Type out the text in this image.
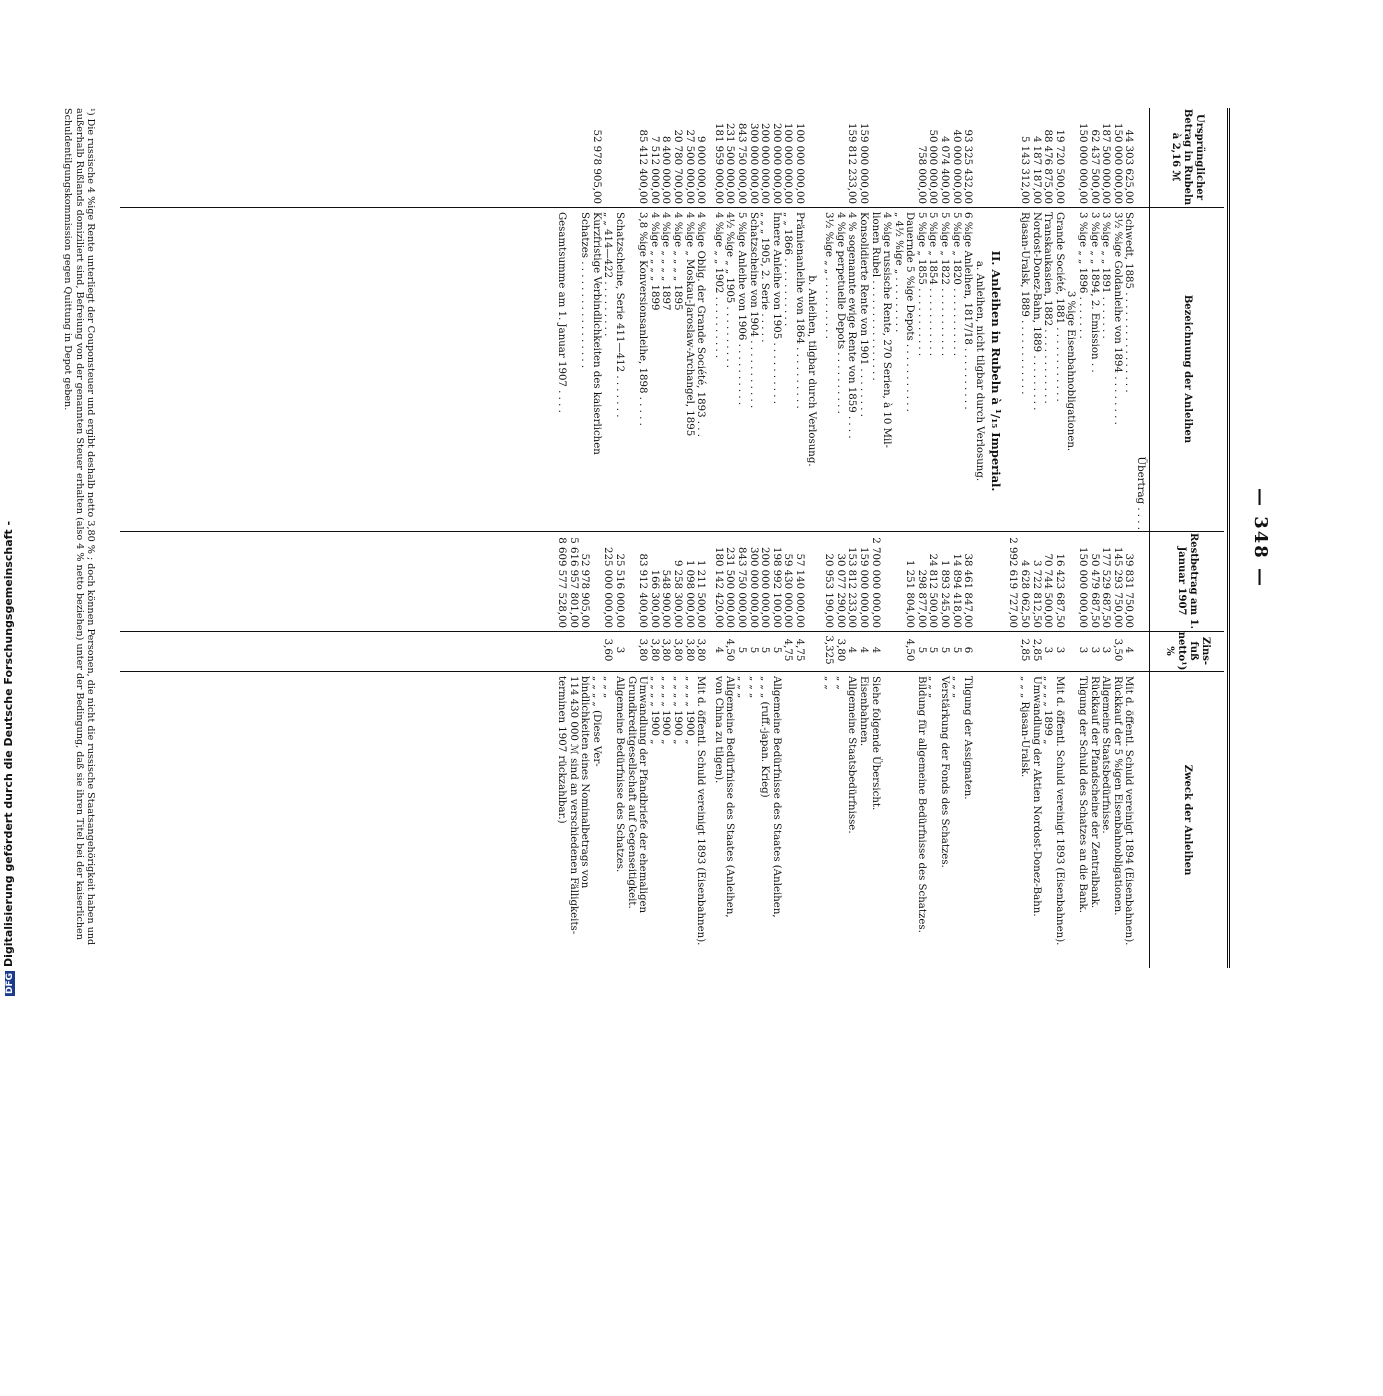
— 348 —
Ursprünglicher Betrag in Rubeln à 2,16 ℳ
Bezeichnung der Anleihen
Restbetrag am 1. Januar 1907
Zins-fuß netto¹) %
Zweck der Anleihen
Übertrag . . . .
44 303 625,00
Schwedt, 1885 . . . . . . . . . . . . . . . .
39 831 750,00
4
Mit d. öffentl. Schuld vereinigt 1894 (Eisenbahnen).
150 000 000,00
3½ %ige Goldanleihe von 1894 . . . . . . . .
145 293 750,00
3,50
Rückkauf der 5 %igen Eisenbahnobligationen.
187 500 000,00
3 %ige „ „ 1891 . . . . . . .
177 529 687,50
3
Allgemeine Staatsbedürfnisse.
62 437 500,00
3 %ige „ „ 1894, 2. Emission . .
50 479 687,50
3
Rückkauf der Pfandscheine der Zentralbank.
150 000 000,00
3 %ige „ „ 1896 . . . . . . .
150 000 000,00
3
Tilgung der Schuld des Schatzes an die Bank.
3 %ige Eisenbahnobligationen.
19 720 500,00
Grande Société, 1881 . . . . . . . . . . . .
16 423 687,50
3
Mit d. öffentl. Schuld vereinigt 1893 (Eisenbahnen).
88 476 875,00
Transkaukasien, 1882 . . . . . . . . . . . .
70 744 500,00
3
„ „ „ „ 1899 „
4 187 187,00
Nordost-Donez-Bahn, 1889 . . . . . . . . .
3 722 812,50
2,85
Umwandlung der Aktien Nordost-Donez-Bahn.
5 143 312,00
Rjasan-Uralsk, 1889 . . . . . . . . . . . .
4 628 062,50
2,85
„ „ „ Rjasan-Uralsk.
2 992 619 727,00
II. Anleihen in Rubeln à ¹/₁₅ Imperial.
a. Anleihen, nicht tilgbar durch Verlosung.
93 325 432,00
6 %ige Anleihen, 1817/18 . . . . . . . . . .
38 461 847,00
6
Tilgung der Assignaten.
40 000 000,00
5 %ige „ 1820 . . . . . . . . . . .
14 894 418,00
5
„ „ „
4 074 400,00
5 %ige „ 1822 . . . . . . . . . . .
1 893 245,00
5
Verstärkung der Fonds des Schatzes.
50 000 000,00
5 %ige „ 1854 . . . . . . . . . . .
24 812 500,00
5
„ „ „
758 000,00
5 %ige „ 1855 . . . . . . . . . . .
298 877,00
5
Bildung für allgemeine Bedürfnisse des Schatzes.
Dauernde 5 %ige Depots . . . . . . . . . . .
1 251 804,00
4,50
„ 4½ %ige „ . . . . . . . . .
4 %ige russische Rente, 270 Serien, à 10 Mil-
lionen Rubel . . . . . . . . . . . . . . . .
2 700 000 000,00
4
Siehe folgende Übersicht.
159 000 000,00
Konsolidierte Rente von 1901 . . . . . . . .
159 000 000,00
4
Eisenbahnen.
159 812 233,00
4 % sogenannte ewige Rente von 1859 . . . .
153 812 233,00
4
Allgemeine Staatsbedürfnisse.
4 %ige perpetuelle Depots . . . . . . . . . .
30 077 290,00
3,80
„ „
3½ %ige „ „ . . . . . . . . . .
20 953 190,00
3,325
„ „
b. Anleihen, tilgbar durch Verlosung.
100 000 000,00
Prämienanleihe von 1864 . . . . . . . . . .
57 140 000,00
4,75
100 000 000,00
„ „ 1866 . . . . . . . . . . .
59 430 000,00
4,75
200 000 000,00
Innere Anleihe von 1905 . . . . . . . . . .
198 992 100,00
5
Allgemeine Bedürfnisse des Staates (Anleihen,
200 000 000,00
„ „ „ 1905, 2. Serie . . . . .
200 000 000,00
5
„ „ „ (ruff.-japan. Krieg)
300 000 000,00
Schatzscheine von 1904 . . . . . . . . . . .
300 000 000,00
5
„ „ „
843 750 000,00
5 %ige Anleihe von 1906 . . . . . . . . . .
843 750 000,00
5
„ „ „
231 500 000,00
4½ %ige „ „ 1905 . . . . . . . . . .
231 500 000,00
4,50
Allgemeine Bedürfnisse des Staates (Anleihen,
181 959 000,00
4 %ige „ „ 1902 . . . . . . . . . .
180 142 420,00
4
von China zu tilgen).
9 000 000,00
4 %ige Oblig. der Grande Société, 1893 . . .
1 211 500,00
3,80
Mit d. öffentl. Schuld vereinigt 1893 (Eisenbahnen).
27 500 000,00
4 %ige „ Moskau-Jaroslaw-Archangel, 1895
1 098 000,00
3,80
„ „ „ „ 1900 „
20 780 700,00
4 %ige „ „ „ „ 1895
9 258 300,00
3,80
„ „ „ „ 1900 „
8 400 000,00
4 %ige „ „ „ „ 1897
548 900,00
3,80
„ „ „ „ 1900 „
7 512 000,00
4 %ige „ „ „ „ 1899
166 300,00
3,80
„ „ „ „ 1900 „
85 412 400,00
3,8 %ige Konversionsanleihe, 1898 . . . . .
83 912 400,00
3,80
Umwandlung der Pfandbriefe der ehemaligen
Grundkreditgesellschaft auf Gegenseitigkeit.
Schatzscheine, Serie 411—412 . . . . . . .
25 516 000,00
3
Allgemeine Bedürfnisse des Schatzes.
„ „ 414—422 . . . . . . . . .
225 000 000,00
3,60
„ „ „
52 978 905,00
Kurzfristige Verbindlichkeiten des kaiserlichen
„ „ „ „ (Diese Ver-
Schatzes . . . . . . . . . . . . . . . . .
52 978 905,00
bindlichkeiten eines Nominalbetrags von
5 616 957 801,00
114 430 000 ℳ sind an verschiedenen Fälligkeits-
Gesamtsumme am 1. Januar 1907 . . . .
8 609 577 528,00
terminen 1907 rückzahlbar.)
¹) Die russische 4 %ige Rente unterliegt der Couponsteuer und ergibt deshalb netto 3,80 % ; doch können Personen, die nicht die russische Staatsangehörigkeit haben und außerhalb Rußlands domiziliert sind, Befreiung von der genannten Steuer erhalten (also 4 % netto beziehen) unter der Bedingung, daß sie ihren Titel bei der kaiserlichen Schuldentilgungskommission gegen Quittung in Depot geben.
DFGDigitalisierung gefördert durch die Deutsche Forschungsgemeinschaft -
